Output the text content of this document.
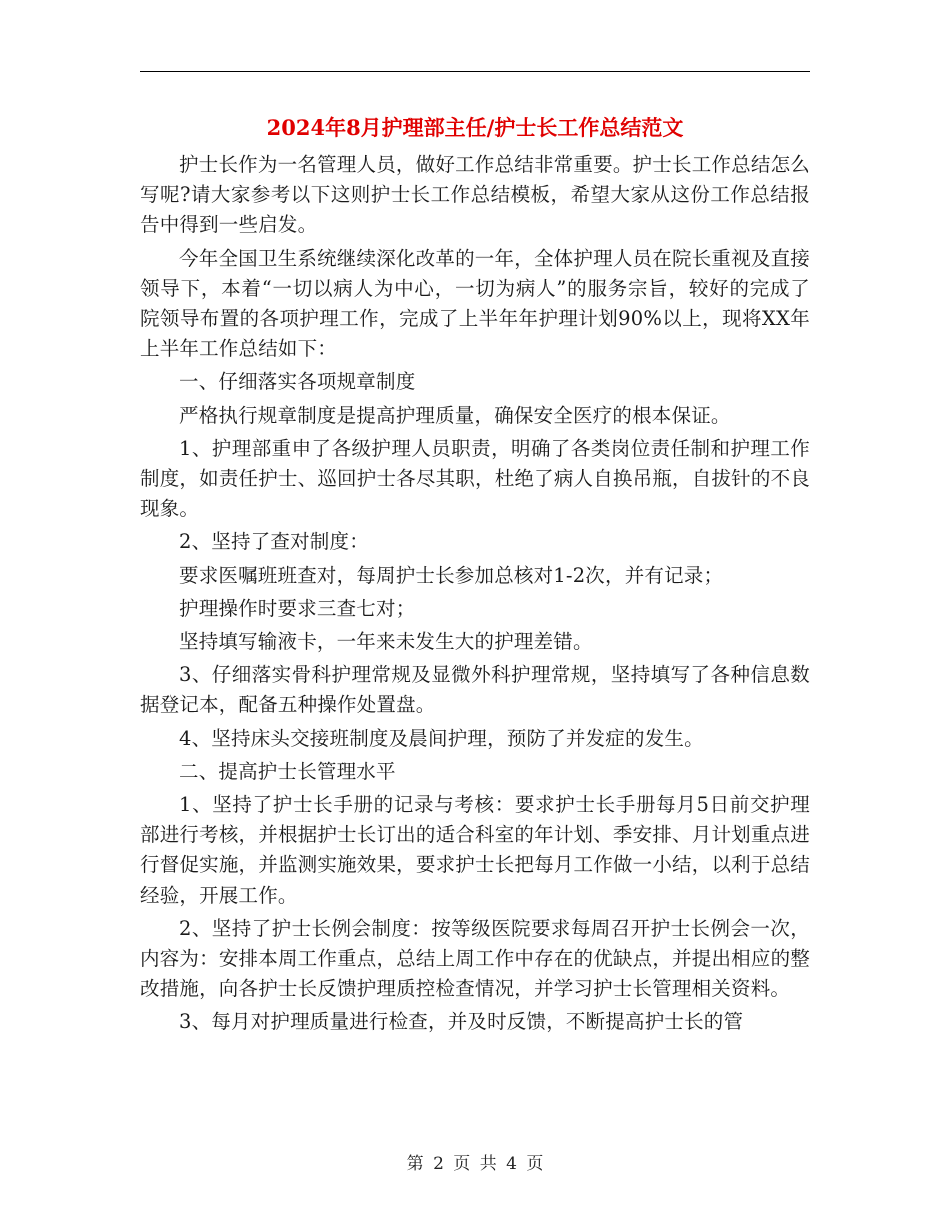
2024年8月护理部主任/护士长工作总结范文

护士长作为一名管理人员，做好工作总结非常重要。护士长工作总结怎么写呢?请大家参考以下这则护士长工作总结模板，希望大家从这份工作总结报告中得到一些启发。

今年全国卫生系统继续深化改革的一年，全体护理人员在院长重视及直接领导下，本着“一切以病人为中心，一切为病人”的服务宗旨，较好的完成了院领导布置的各项护理工作，完成了上半年年护理计划90%以上，现将XX年上半年工作总结如下：

一、仔细落实各项规章制度

严格执行规章制度是提高护理质量，确保安全医疗的根本保证。

1、护理部重申了各级护理人员职责，明确了各类岗位责任制和护理工作制度，如责任护士、巡回护士各尽其职，杜绝了病人自换吊瓶，自拔针的不良现象。

2、坚持了查对制度：

要求医嘱班班查对，每周护士长参加总核对1-2次，并有记录；

护理操作时要求三查七对；

坚持填写输液卡，一年来未发生大的护理差错。

3、仔细落实骨科护理常规及显微外科护理常规，坚持填写了各种信息数据登记本，配备五种操作处置盘。

4、坚持床头交接班制度及晨间护理，预防了并发症的发生。

二、提高护士长管理水平

1、坚持了护士长手册的记录与考核：要求护士长手册每月5日前交护理部进行考核，并根据护士长订出的适合科室的年计划、季安排、月计划重点进行督促实施，并监测实施效果，要求护士长把每月工作做一小结，以利于总结经验，开展工作。

2、坚持了护士长例会制度：按等级医院要求每周召开护士长例会一次，内容为：安排本周工作重点，总结上周工作中存在的优缺点，并提出相应的整改措施，向各护士长反馈护理质控检查情况，并学习护士长管理相关资料。

3、每月对护理质量进行检查，并及时反馈，不断提高护士长的管

第 2 页 共 4 页
